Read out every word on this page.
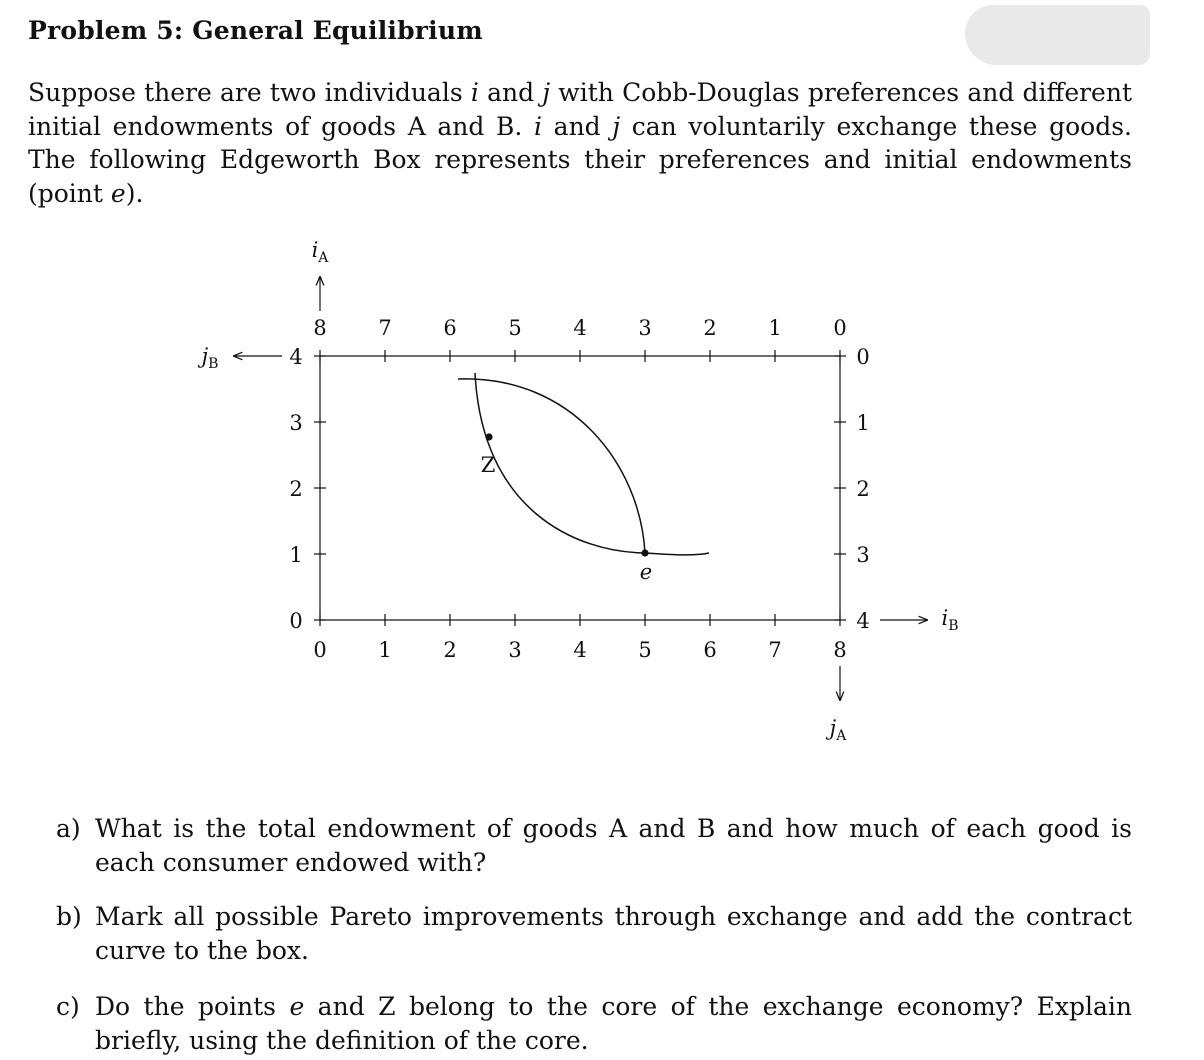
Problem 5: General Equilibrium
Suppose there are two individuals i and j with Cobb-Douglas preferences and different initial endowments of goods A and B. i and j can voluntarily exchange these goods. The following Edgeworth Box represents their preferences and initial endowments (point e).
$i_A$
$j_B$
$i_B$
$j_A$
8
0
7
1
6
2
5
3
4
4
3
5
2
6
1
7
0
8
4	0
3	1
2	2
1	3
0	4
Z
e
a) What is the total endowment of goods A and B and how much of each good is each consumer endowed with?
b) Mark all possible Pareto improvements through exchange and add the contract curve to the box.
c) Do the points e and Z belong to the core of the exchange economy? Explain briefly, using the definition of the core.
